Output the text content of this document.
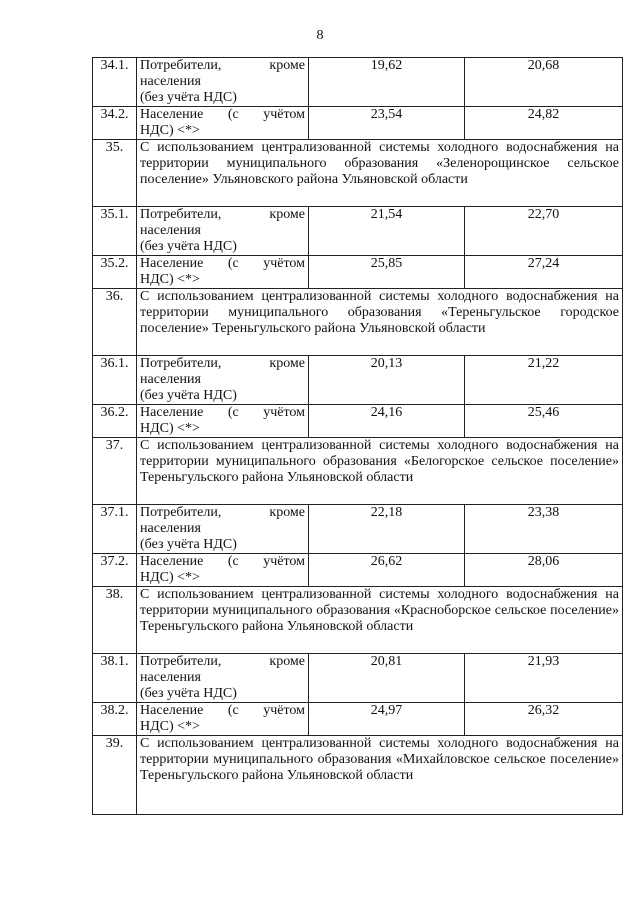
8
34.1.	Потребители, кроме
населения
(без учёта НДС)	19,62	20,68
34.2.	Население (с учётом
НДС) <*>	23,54	24,82
35.	С использованием централизованной системы холодного водоснабжения на территории муниципального образования «Зеленорощинское сельское поселение» Ульяновского района Ульяновской области		
35.1.	Потребители, кроме
населения
(без учёта НДС)	21,54	22,70
35.2.	Население (с учётом
НДС) <*>	25,85	27,24
36.	С использованием централизованной системы холодного водоснабжения на территории муниципального образования «Тереньгульское городское поселение» Тереньгульского района Ульяновской области		
36.1.	Потребители, кроме
населения
(без учёта НДС)	20,13	21,22
36.2.	Население (с учётом
НДС) <*>	24,16	25,46
37.	С использованием централизованной системы холодного водоснабжения на территории муниципального образования «Белогорское сельское поселение» Тереньгульского района Ульяновской области		
37.1.	Потребители, кроме
населения
(без учёта НДС)	22,18	23,38
37.2.	Население (с учётом
НДС) <*>	26,62	28,06
38.	С использованием централизованной системы холодного водоснабжения на территории муниципального образования «Красноборское сельское поселение» Тереньгульского района Ульяновской области		
38.1.	Потребители, кроме
населения
(без учёта НДС)	20,81	21,93
38.2.	Население (с учётом
НДС) <*>	24,97	26,32
39.	С использованием централизованной системы холодного водоснабжения на территории муниципального образования «Михайловское сельское поселение» Тереньгульского района Ульяновской области		
